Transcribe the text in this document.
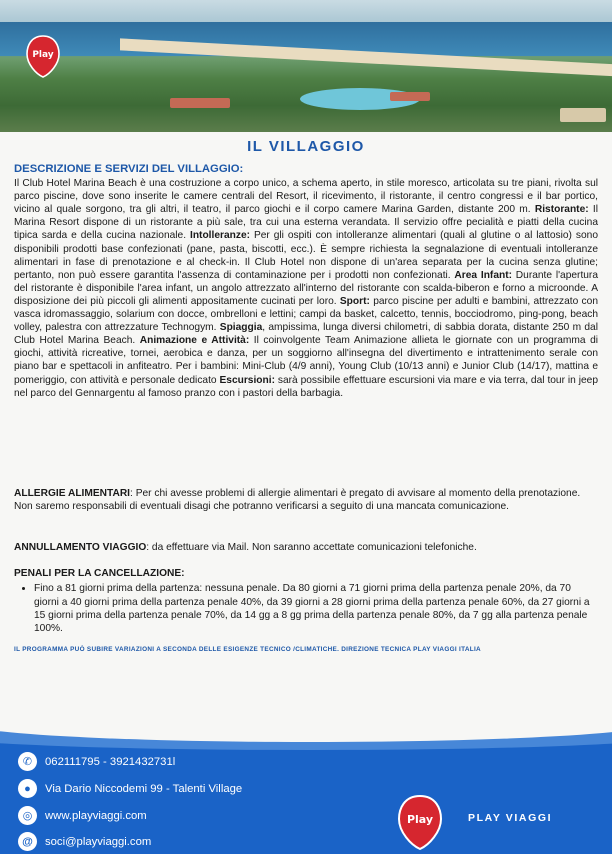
Play
IL VILLAGGIO
DESCRIZIONE E SERVIZI DEL VILLAGGIO:

Il Club Hotel Marina Beach è una costruzione a corpo unico, a schema aperto, in stile moresco, articolata su tre piani, rivolta sul parco piscine, dove sono inserite le camere centrali del Resort, il ricevimento, il ristorante, il centro congressi e il bar portico, vicino al quale sorgono, tra gli altri, il teatro, il parco giochi e il corpo camere Marina Garden, distante 200 m. Ristorante: Il Marina Resort dispone di un ristorante a più sale, tra cui una esterna verandata. Il servizio offre pecialità e piatti della cucina tipica sarda e della cucina nazionale. Intolleranze: Per gli ospiti con intolleranze alimentari (quali al glutine o al lattosio) sono disponibili prodotti base confezionati (pane, pasta, biscotti, ecc.). È sempre richiesta la segnalazione di eventuali intolleranze alimentari in fase di prenotazione e al check-in. Il Club Hotel non dispone di un'area separata per la cucina senza glutine; pertanto, non può essere garantita l'assenza di contaminazione per i prodotti non confezionati. Area Infant: Durante l'apertura del ristorante è disponibile l'area infant, un angolo attrezzato all'interno del ristorante con scalda-biberon e forno a microonde. A disposizione dei più piccoli gli alimenti appositamente cucinati per loro. Sport: parco piscine per adulti e bambini, attrezzato con vasca idromassaggio, solarium con docce, ombrelloni e lettini; campi da basket, calcetto, tennis, bocciodromo, ping-pong, beach volley, palestra con attrezzature Technogym. Spiaggia, ampissima, lunga diversi chilometri, di sabbia dorata, distante 250 m dal Club Hotel Marina Beach. Animazione e Attività: Il coinvolgente Team Animazione allieta le giornate con un programma di giochi, attività ricreative, tornei, aerobica e danza, per un soggiorno all'insegna del divertimento e intrattenimento serale con piano bar e spettacoli in anfiteatro. Per i bambini: Mini-Club (4/9 anni), Young Club (10/13 anni) e Junior Club (14/17), mattina e pomeriggio, con attività e personale dedicato Escursioni: sarà possibile effettuare escursioni via mare e via terra, dal tour in jeep nel parco del Gennargentu al famoso pranzo con i pastori della barbagia.

ALLERGIE ALIMENTARI: Per chi avesse problemi di allergie alimentari è pregato di avvisare al momento della prenotazione. Non saremo responsabili di eventuali disagi che potranno verificarsi a seguito di una mancata comunicazione.
ANNULLAMENTO VIAGGIO: da effettuare via Mail. Non saranno accettate comunicazioni telefoniche.
PENALI PER LA CANCELLAZIONE:
• Fino a 81 giorni prima della partenza: nessuna penale. Da 80 giorni a 71 giorni prima della partenza penale 20%, da 70 giorni a 40 giorni prima della partenza penale 40%, da 39 giorni a 28 giorni prima della partenza penale 60%, da 27 giorni a 15 giorni prima della partenza penale 70%, da 14 gg a 8 gg prima della partenza penale 80%, da 7 gg alla partenza penale 100%.
IL PROGRAMMA PUÒ SUBIRE VARIAZIONI A SECONDA DELLE ESIGENZE TECNICO /CLIMATICHE. DIREZIONE TECNICA PLAY VIAGGI ITALIA
✆	062111795 - 3921432731l
●	Via Dario Niccodemi 99 - Talenti Village
◎	www.playviaggi.com
@	soci@playviaggi.com
Play	PLAY VIAGGI
